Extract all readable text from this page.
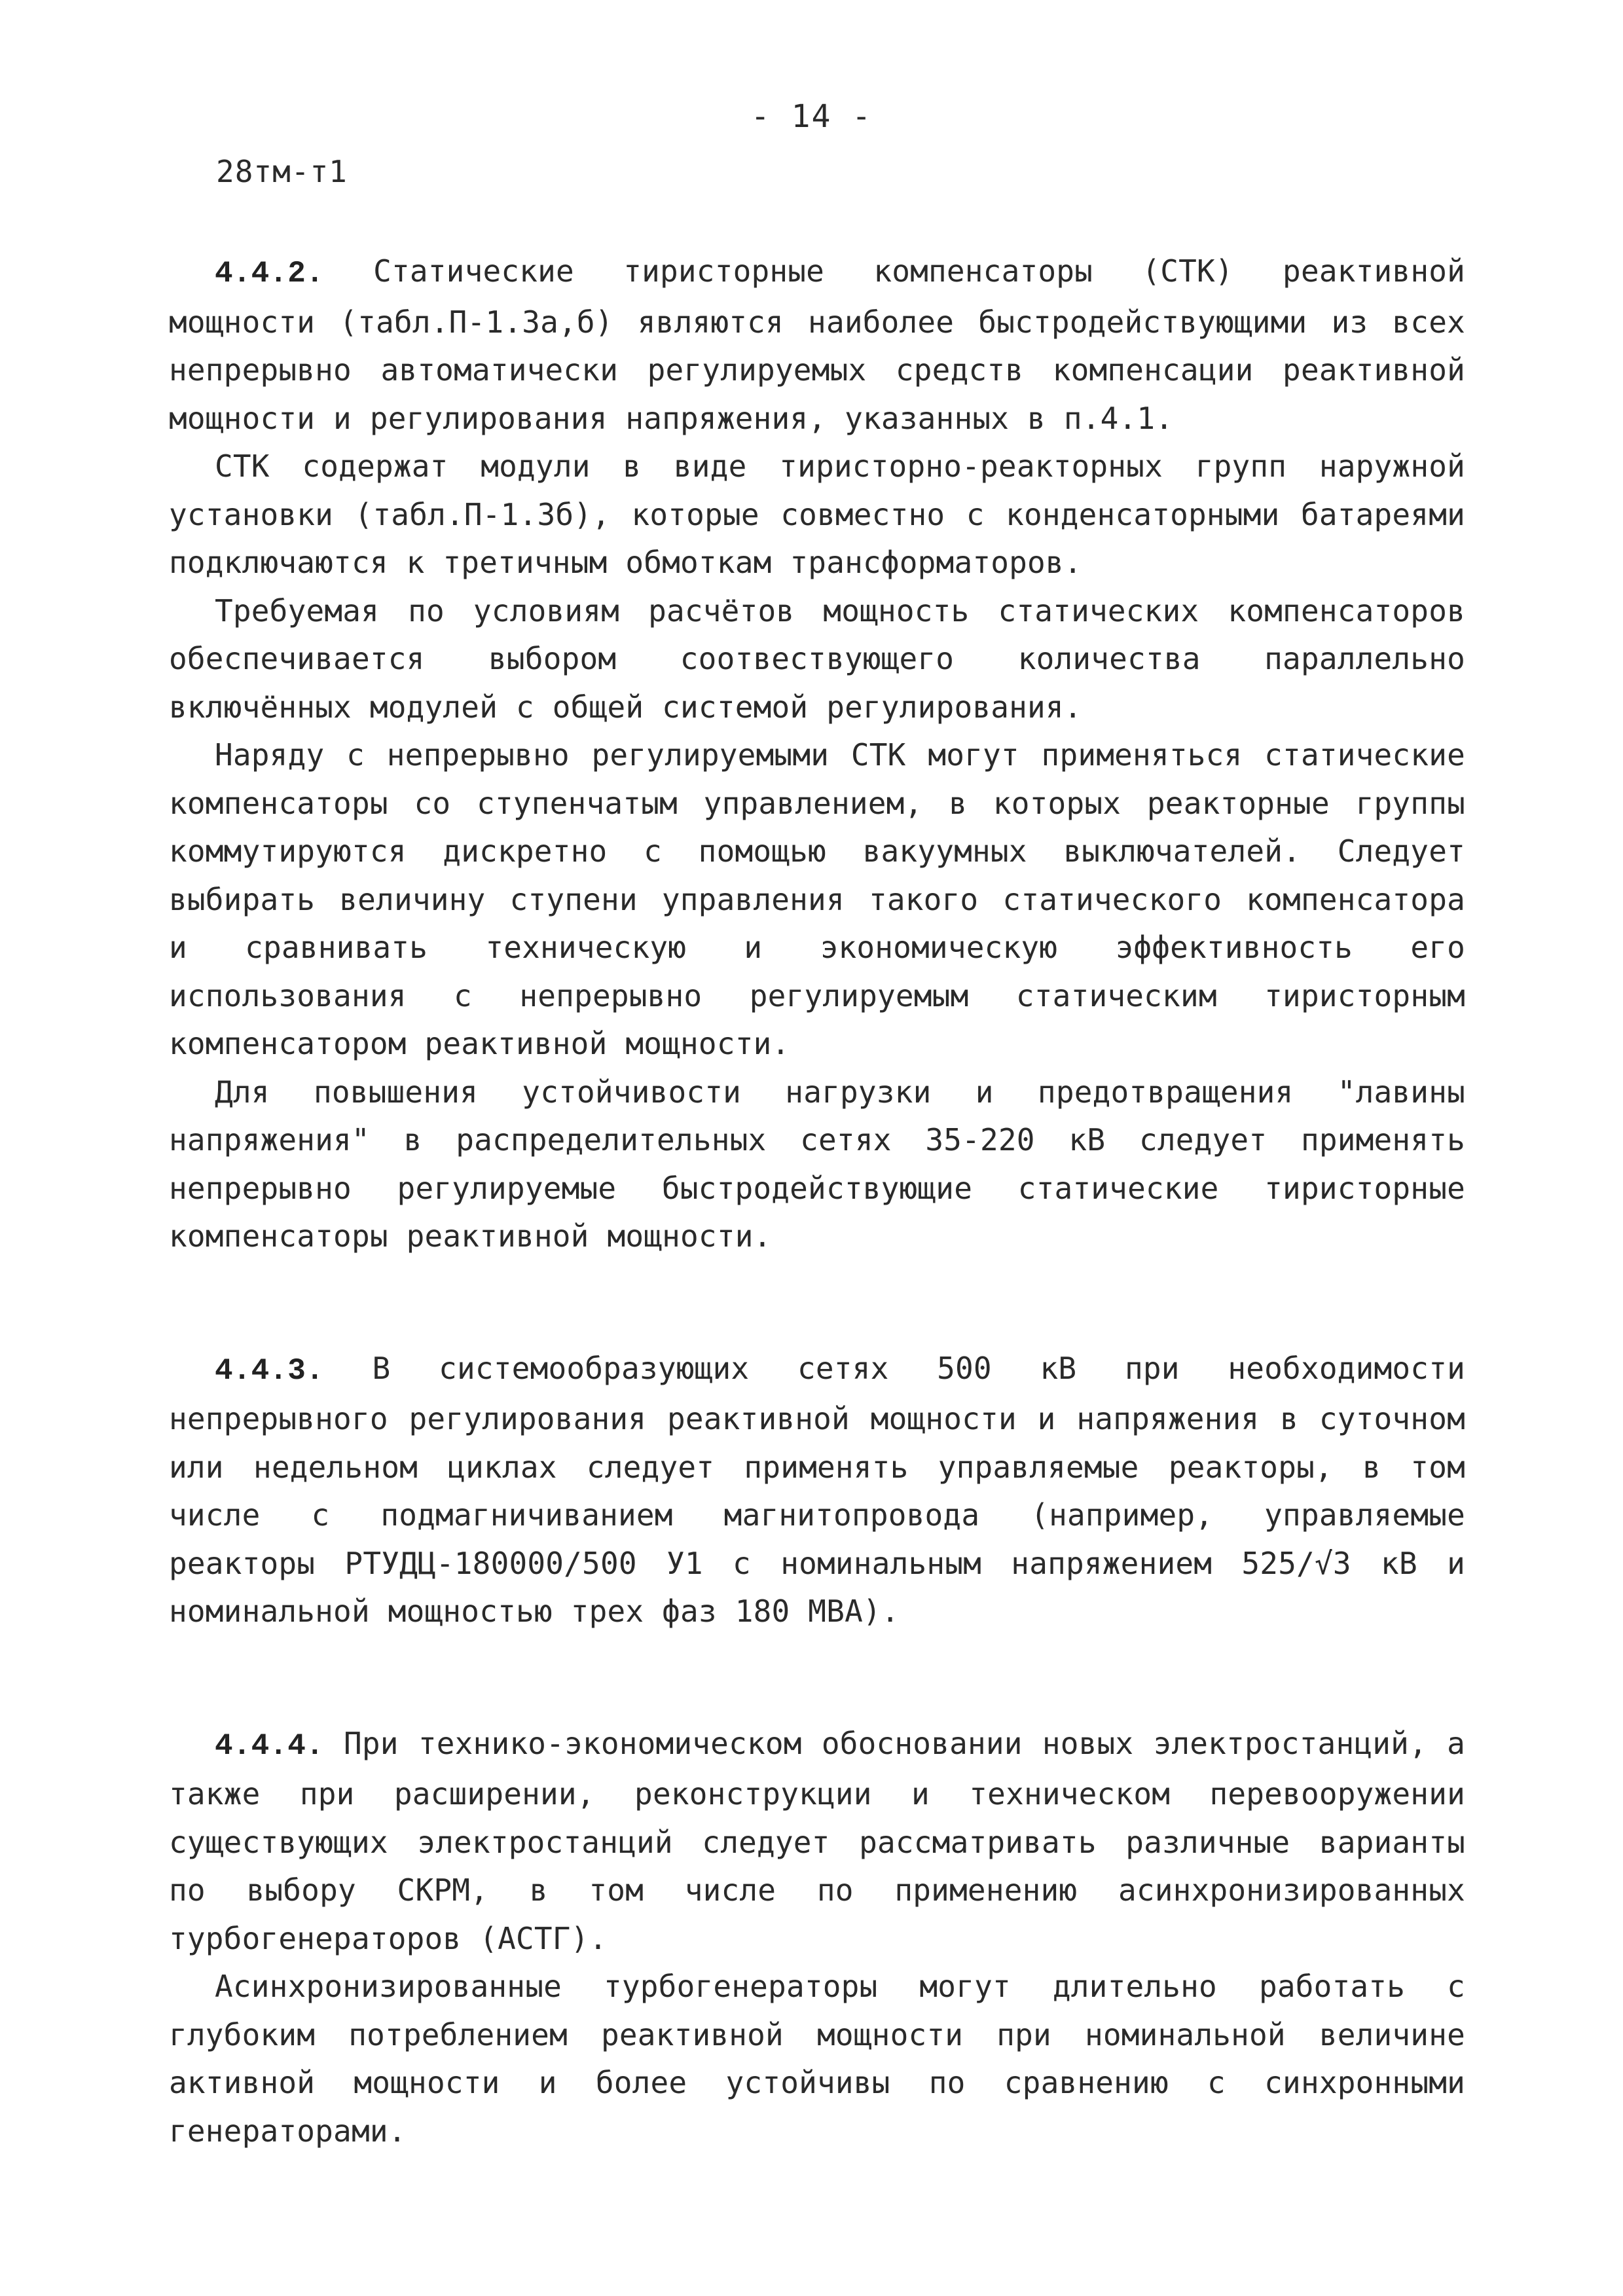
- 14 -
28тм-т1

4.4.2. Статические тиристорные компенсаторы (СТК) реактивной мощности (табл.П-1.3а,б) являются наиболее быстродействующими из всех непрерывно автоматически регулируемых средств компенсации реактивной мощности и регулирования напряжения, указанных в п.4.1.

СТК содержат модули в виде тиристорно-реакторных групп наружной установки (табл.П-1.3б), которые совместно с конденсаторными батареями подключаются к третичным обмоткам трансформаторов.

Требуемая по условиям расчётов мощность статических компенсаторов обеспечивается выбором соотвествующего количества параллельно включённых модулей с общей системой регулирования.

Наряду с непрерывно регулируемыми СТК могут применяться статические компенсаторы со ступенчатым управлением, в которых реакторные группы коммутируются дискретно с помощью вакуумных выключателей. Следует выбирать величину ступени управления такого статического компенсатора и сравнивать техническую и экономическую эффективность его использования с непрерывно регулируемым статическим тиристорным компенсатором реактивной мощности.

Для повышения устойчивости нагрузки и предотвращения "лавины напряжения" в распределительных сетях 35-220 кВ следует применять непрерывно регулируемые быстродействующие статические тиристорные компенсаторы реактивной мощности.

4.4.3. В системообразующих сетях 500 кВ при необходимости непрерывного регулирования реактивной мощности и напряжения в суточном или недельном циклах следует применять управляемые реакторы, в том числе с подмагничиванием магнитопровода (например, управляемые реакторы РТУДЦ-180000/500 У1 с номинальным напряжением 525/√3 кВ и номинальной мощностью трех фаз 180 МВА).

4.4.4. При технико-экономическом обосновании новых электростанций, а также при расширении, реконструкции и техническом перевооружении существующих электростанций следует рассматривать различные варианты по выбору СКРМ, в том числе по применению асинхронизированных турбогенераторов (АСТГ).

Асинхронизированные турбогенераторы могут длительно работать с глубоким потреблением реактивной мощности при номинальной величине активной мощности и более устойчивы по сравнению с синхронными генераторами.
